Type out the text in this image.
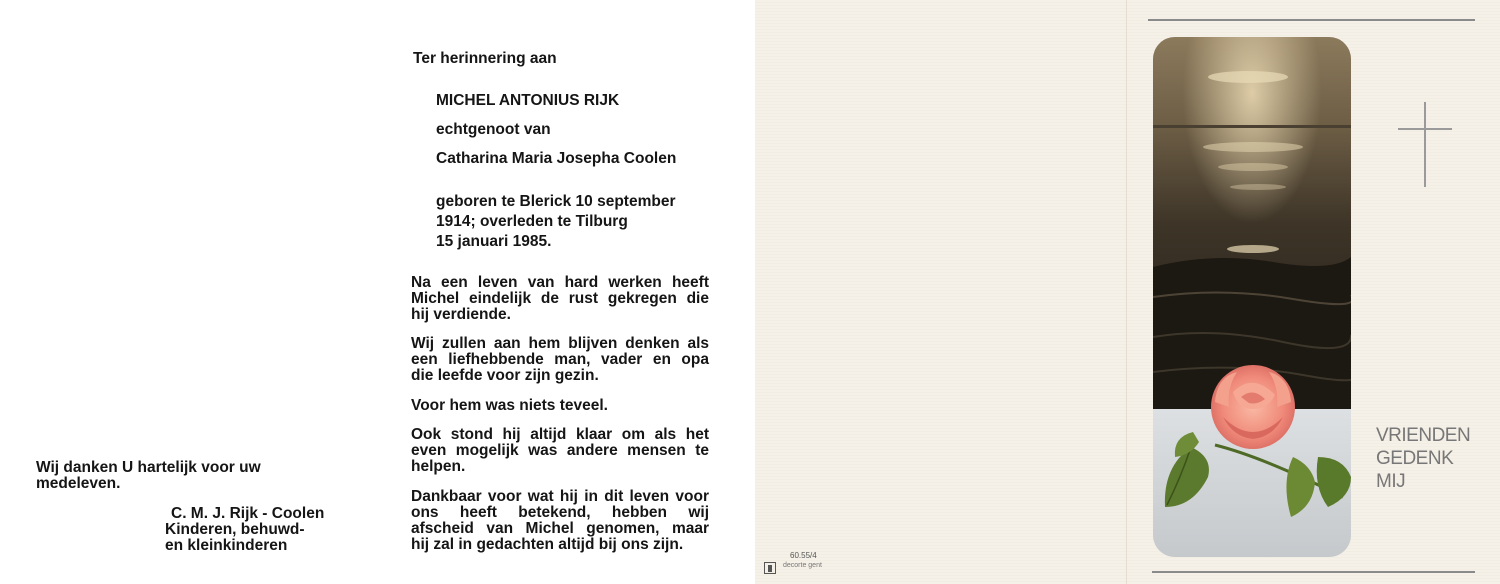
Wij danken U hartelijk voor uw
medeleven.
C. M. J. Rijk - Coolen
Kinderen, behuwd-
en kleinkinderen
Ter herinnering aan
MICHEL ANTONIUS RIJK
echtgenoot van
Catharina Maria Josepha Coolen
geboren te Blerick 10 september
1914; overleden te Tilburg
15 januari 1985.
Na een leven van hard werken heeft
Michel eindelijk de rust gekregen die
hij verdiende.
Wij zullen aan hem blijven denken als
een liefhebbende man, vader en opa
die leefde voor zijn gezin.
Voor hem was niets teveel.
Ook stond hij altijd klaar om als het
even mogelijk was andere mensen te
helpen.
Dankbaar voor wat hij in dit leven voor
ons heeft betekend, hebben wij
afscheid van Michel genomen, maar
hij zal in gedachten altijd bij ons zijn.
VRIENDEN
GEDENK
MIJ
60.55/4
decorte gent
